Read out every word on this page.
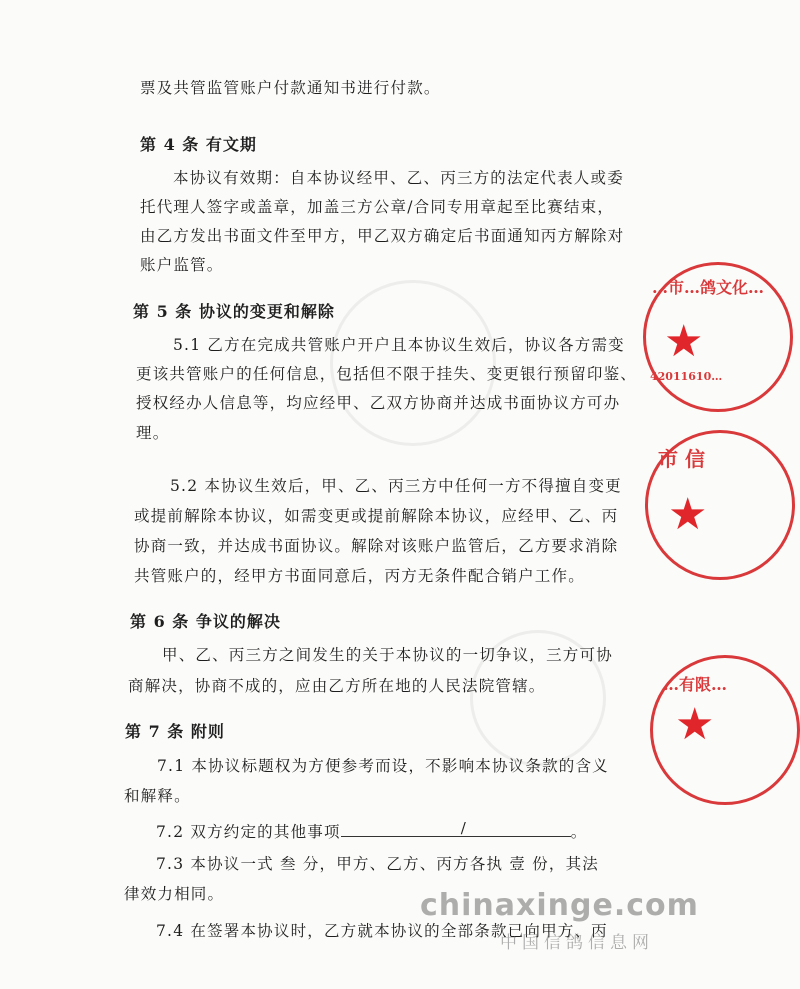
票及共管监管账户付款通知书进行付款。
第 4 条 有文期
本协议有效期：自本协议经甲、乙、丙三方的法定代表人或委
托代理人签字或盖章，加盖三方公章/合同专用章起至比赛结束，
由乙方发出书面文件至甲方，甲乙双方确定后书面通知丙方解除对
账户监管。
第 5 条 协议的变更和解除
5.1 乙方在完成共管账户开户且本协议生效后，协议各方需变
更该共管账户的任何信息，包括但不限于挂失、变更银行预留印鉴、
授权经办人信息等，均应经甲、乙双方协商并达成书面协议方可办
理。
5.2 本协议生效后，甲、乙、丙三方中任何一方不得擅自变更
或提前解除本协议，如需变更或提前解除本协议，应经甲、乙、丙
协商一致，并达成书面协议。解除对该账户监管后，乙方要求消除
共管账户的，经甲方书面同意后，丙方无条件配合销户工作。
第 6 条 争议的解决
甲、乙、丙三方之间发生的关于本协议的一切争议，三方可协
商解决，协商不成的，应由乙方所在地的人民法院管辖。
第 7 条 附则
7.1 本协议标题权为方便参考而设，不影响本协议条款的含义
和解释。
7.2 双方约定的其他事项	/	。
7.3 本协议一式 叁 分，甲方、乙方、丙方各执 壹 份，其法
律效力相同。
7.4 在签署本协议时，乙方就本协议的全部条款已向甲方、丙
…市…鸽文化…
★
42011610…
市 信
★
…有限…
★
chinaxinge.com
中国信鸽信息网
